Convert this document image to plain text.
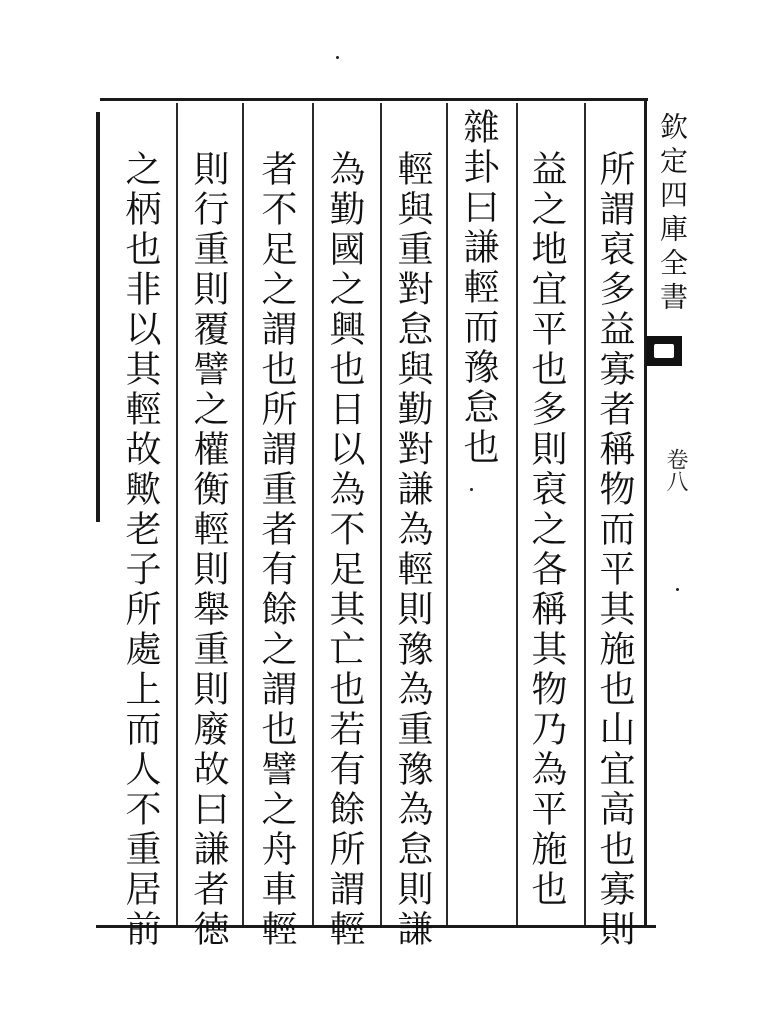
欽定四庫全書
卷八
所謂裒多益寡者稱物而平其施也山宜高也寡則
益之地宜平也多則裒之各稱其物乃為平施也
雜卦曰謙輕而豫怠也
輕與重對怠與勤對謙為輕則豫為重豫為怠則謙
為勤國之興也日以為不足其亡也若有餘所謂輕
者不足之謂也所謂重者有餘之謂也譬之舟車輕
則行重則覆譬之權衡輕則舉重則廢故曰謙者徳
之柄也非以其輕故歟老子所處上而人不重居前
